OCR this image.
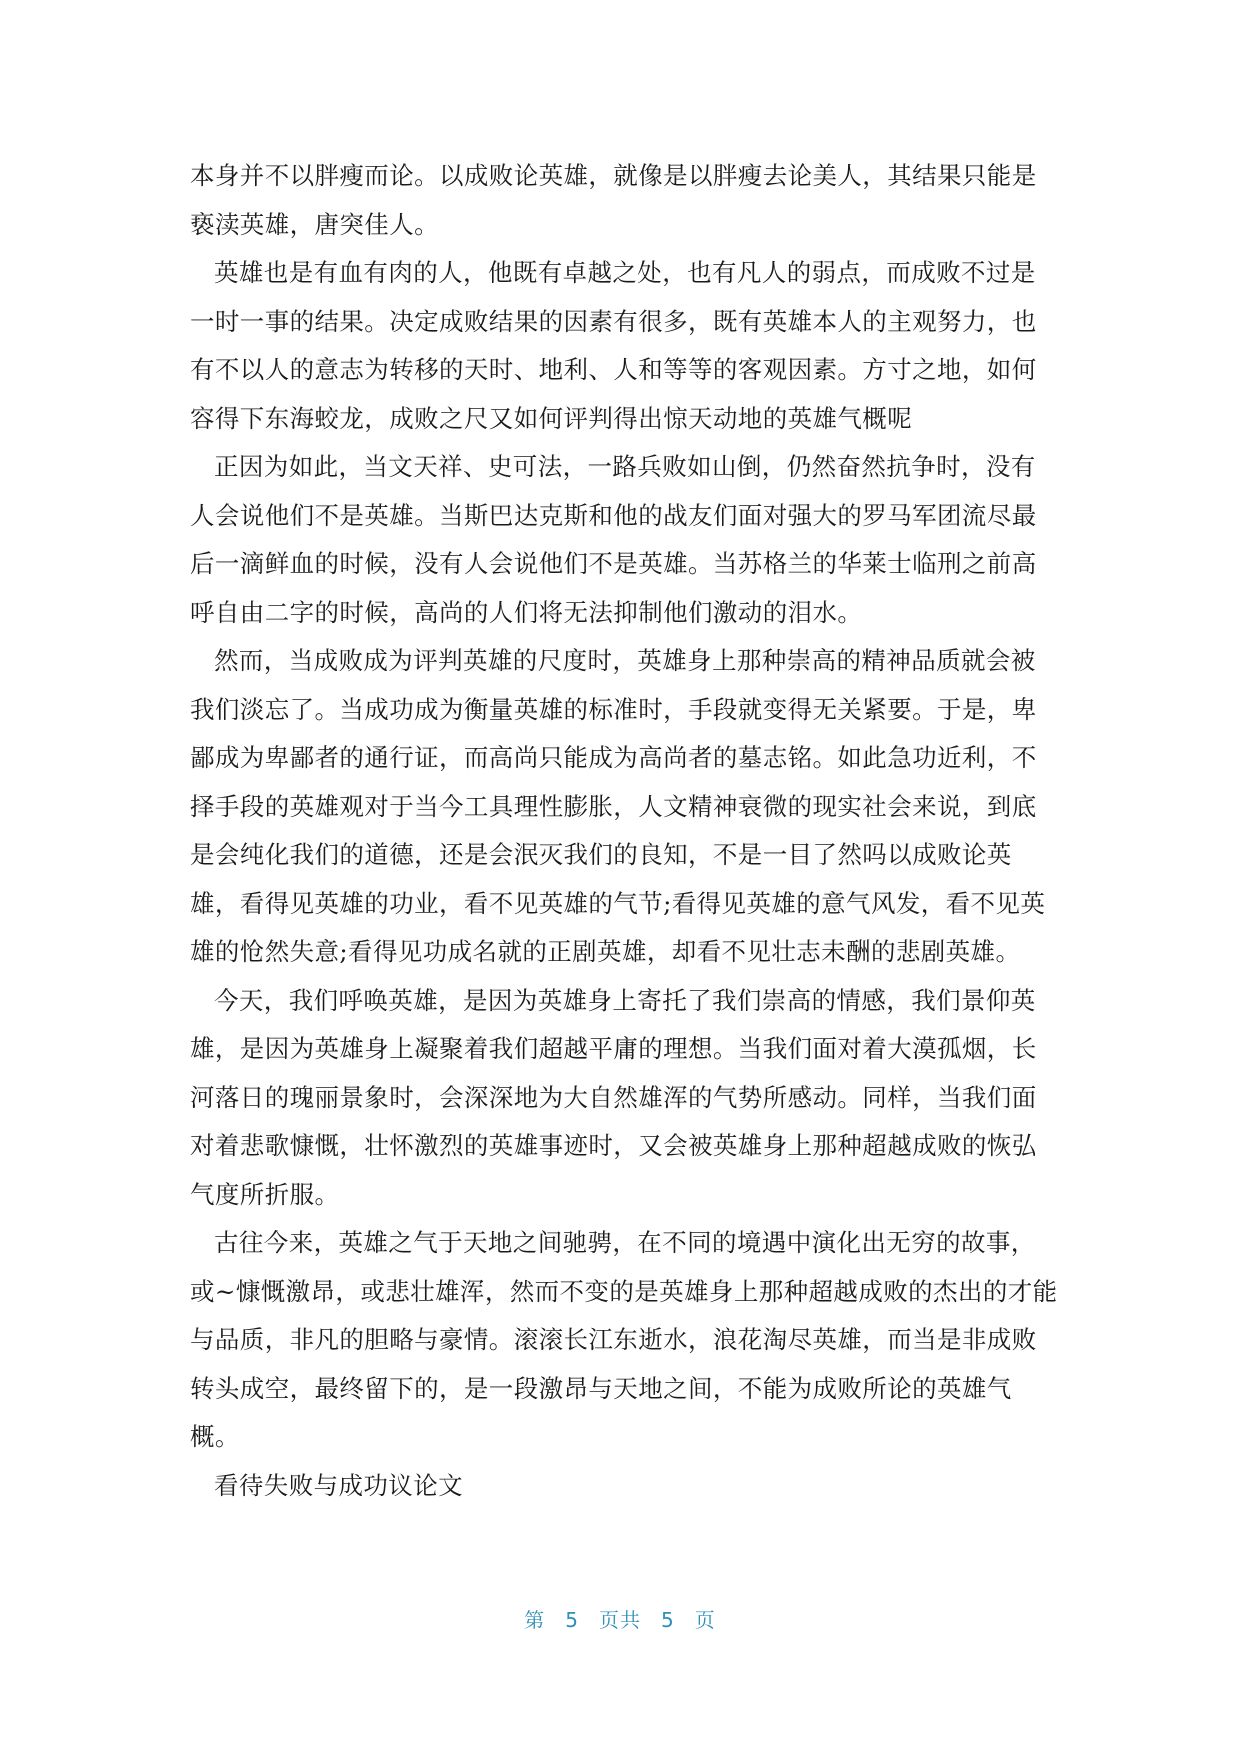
本身并不以胖瘦而论。以成败论英雄，就像是以胖瘦去论美人，其结果只能是亵渎英雄，唐突佳人。

英雄也是有血有肉的人，他既有卓越之处，也有凡人的弱点，而成败不过是一时一事的结果。决定成败结果的因素有很多，既有英雄本人的主观努力，也有不以人的意志为转移的天时、地利、人和等等的客观因素。方寸之地，如何容得下东海蛟龙，成败之尺又如何评判得出惊天动地的英雄气概呢

正因为如此，当文天祥、史可法，一路兵败如山倒，仍然奋然抗争时，没有人会说他们不是英雄。当斯巴达克斯和他的战友们面对强大的罗马军团流尽最后一滴鲜血的时候，没有人会说他们不是英雄。当苏格兰的华莱士临刑之前高呼自由二字的时候，高尚的人们将无法抑制他们激动的泪水。

然而，当成败成为评判英雄的尺度时，英雄身上那种崇高的精神品质就会被我们淡忘了。当成功成为衡量英雄的标准时，手段就变得无关紧要。于是，卑鄙成为卑鄙者的通行证，而高尚只能成为高尚者的墓志铭。如此急功近利，不择手段的英雄观对于当今工具理性膨胀，人文精神衰微的现实社会来说，到底是会纯化我们的道德，还是会泯灭我们的良知，不是一目了然吗以成败论英雄，看得见英雄的功业，看不见英雄的气节;看得见英雄的意气风发，看不见英雄的怆然失意;看得见功成名就的正剧英雄，却看不见壮志未酬的悲剧英雄。

今天，我们呼唤英雄，是因为英雄身上寄托了我们崇高的情感，我们景仰英雄，是因为英雄身上凝聚着我们超越平庸的理想。当我们面对着大漠孤烟，长河落日的瑰丽景象时，会深深地为大自然雄浑的气势所感动。同样，当我们面对着悲歌慷慨，壮怀激烈的英雄事迹时，又会被英雄身上那种超越成败的恢弘气度所折服。

古往今来，英雄之气于天地之间驰骋，在不同的境遇中演化出无穷的故事，或~慷慨激昂，或悲壮雄浑，然而不变的是英雄身上那种超越成败的杰出的才能与品质，非凡的胆略与豪情。滚滚长江东逝水，浪花淘尽英雄，而当是非成败转头成空，最终留下的，是一段激昂与天地之间，不能为成败所论的英雄气概。

看待失败与成功议论文

第 5 页共 5 页
